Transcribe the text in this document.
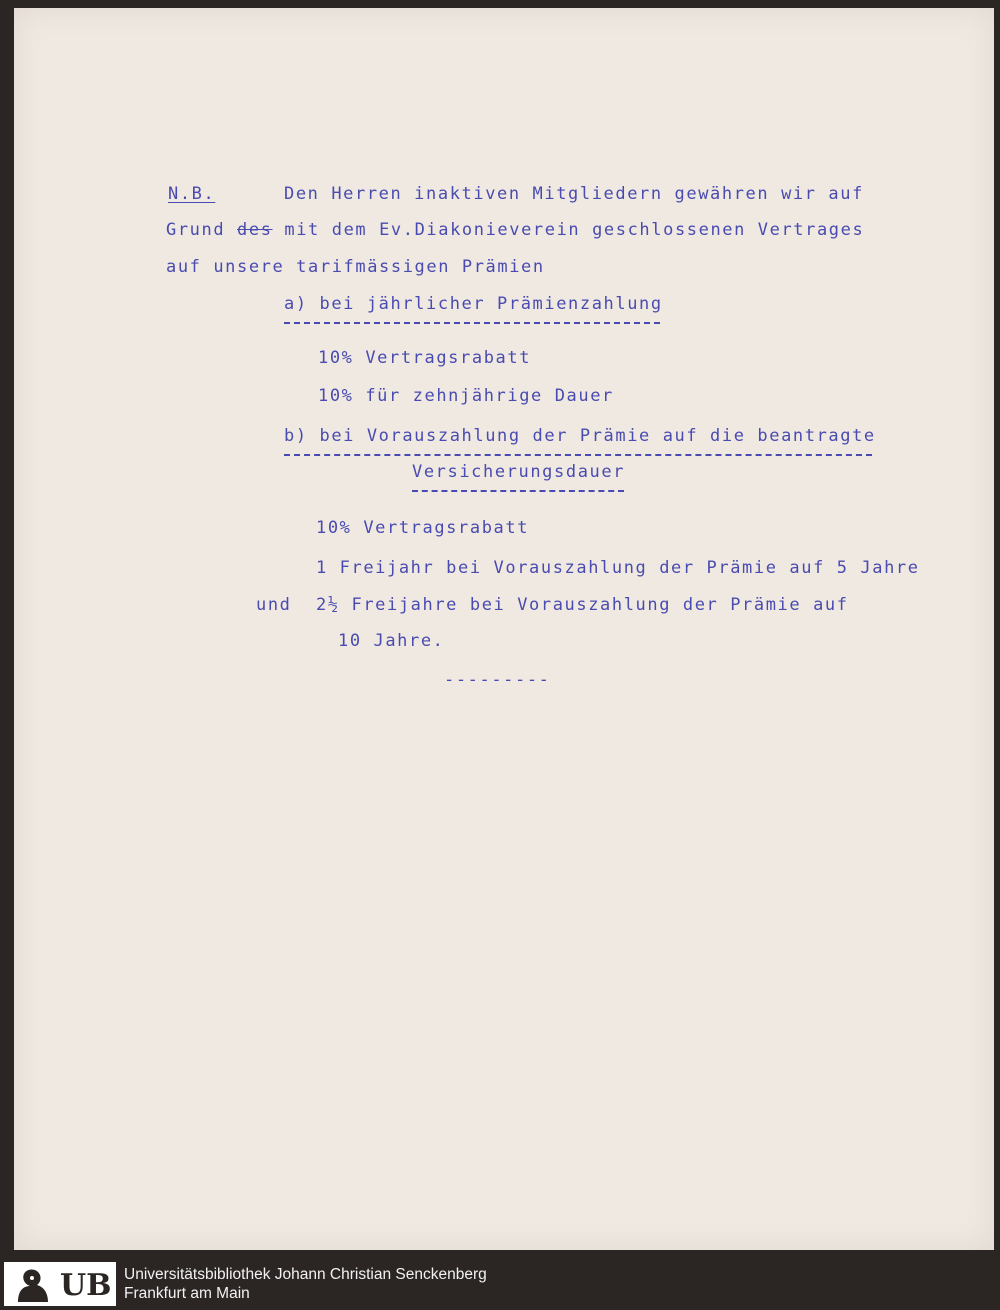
N.B.	Den Herren inaktiven Mitgliedern gewähren wir auf
Grund des mit dem Ev.Diakonieverein geschlossenen Vertrages
auf unsere tarifmässigen Prämien
a) bei jährlicher Prämienzahlung
10% Vertragsrabatt
10% für zehnjährige Dauer
b) bei Vorauszahlung der Prämie auf die beantragte
Versicherungsdauer
10% Vertragsrabatt
1 Freijahr bei Vorauszahlung der Prämie auf 5 Jahre
und 2½ Freijahre bei Vorauszahlung der Prämie auf
10 Jahre.
---------
UB Universitätsbibliothek Johann Christian Senckenberg
Frankfurt am Main
